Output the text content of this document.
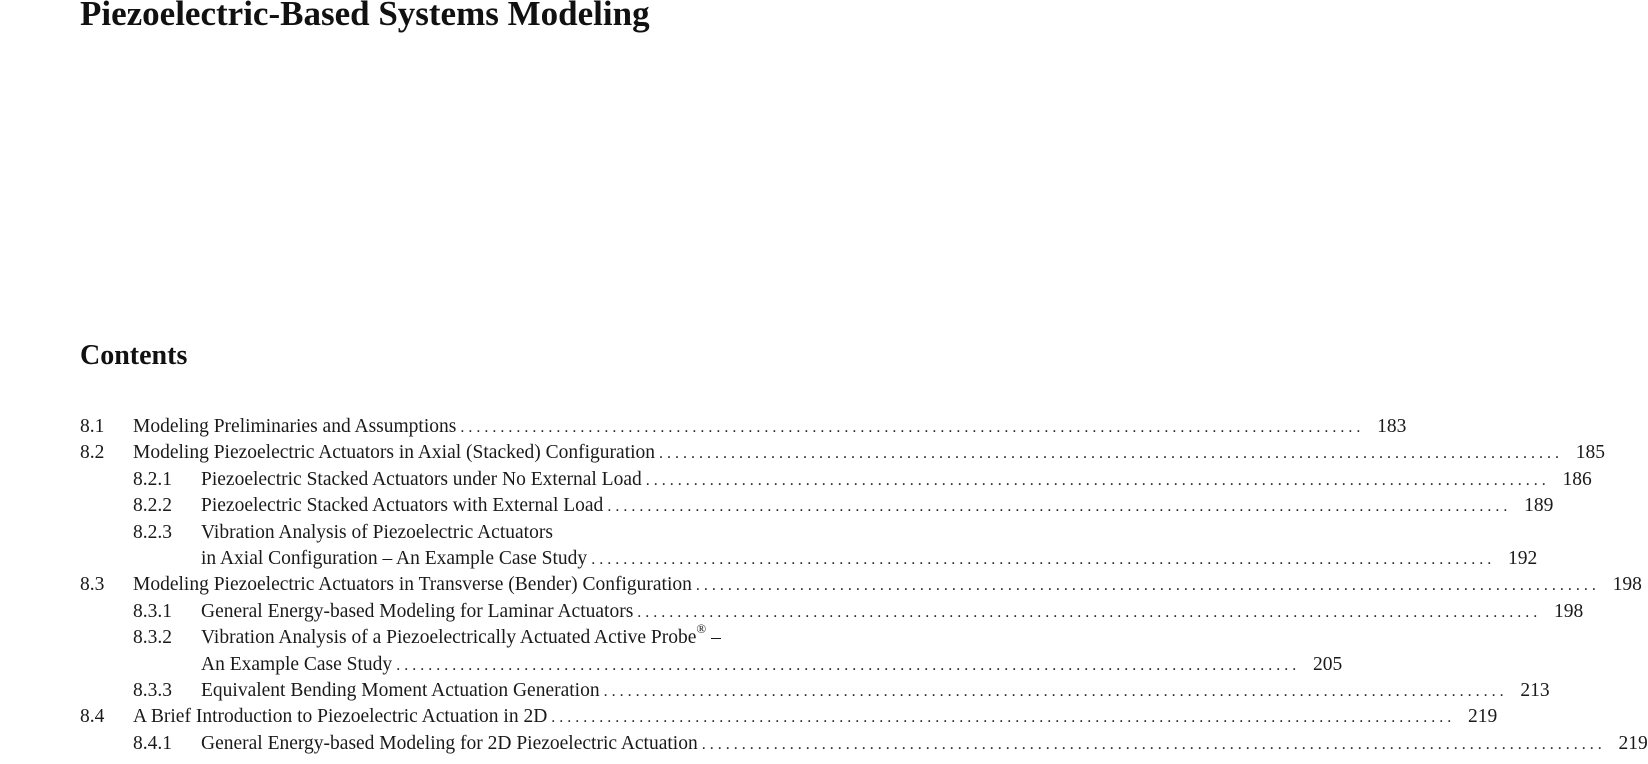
Piezoelectric-Based Systems Modeling
Contents
8.1	Modeling Preliminaries and Assumptions . . .	183
8.2	Modeling Piezoelectric Actuators in Axial (Stacked) Configuration . . .	185
8.2.1	Piezoelectric Stacked Actuators under No External Load . . .	186
8.2.2	Piezoelectric Stacked Actuators with External Load . . .	189
8.2.3	Vibration Analysis of Piezoelectric Actuators
in Axial Configuration – An Example Case Study . . .	192
8.3	Modeling Piezoelectric Actuators in Transverse (Bender) Configuration . . .	198
8.3.1	General Energy-based Modeling for Laminar Actuators . . .	198
8.3.2	Vibration Analysis of a Piezoelectrically Actuated Active Probe® –
An Example Case Study . . .	205
8.3.3	Equivalent Bending Moment Actuation Generation . . .	213
8.4	A Brief Introduction to Piezoelectric Actuation in 2D . . .	219
8.4.1	General Energy-based Modeling for 2D Piezoelectric Actuation . . .	219
